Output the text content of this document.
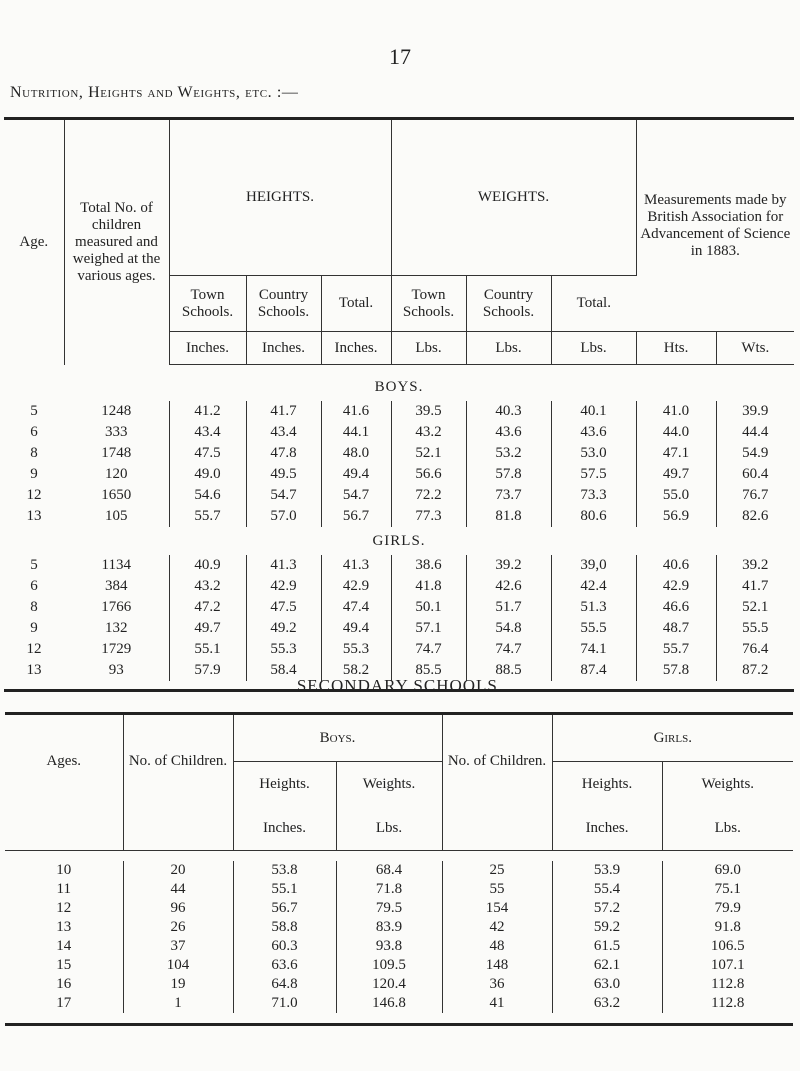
17
Nutrition, Heights and Weights, etc. :—
Age.	Total No. of children measured and weighed at the various ages.	HEIGHTS.			WEIGHTS.			Measurements made by British Association for Advancement of Science in 1883.	
		Town Schools.	Country Schools.	Total.	Town Schools.	Country Schools.	Total.		
		Inches.	Inches.	Inches.	Lbs.	Lbs.	Lbs.	Hts.	Wts.

BOYS.									
5	1248	41.2	41.7	41.6	39.5	40.3	40.1	41.0	39.9
6	333	43.4	43.4	44.1	43.2	43.6	43.6	44.0	44.4
8	1748	47.5	47.8	48.0	52.1	53.2	53.0	47.1	54.9
9	120	49.0	49.5	49.4	56.6	57.8	57.5	49.7	60.4
12	1650	54.6	54.7	54.7	72.2	73.7	73.3	55.0	76.7
13	105	55.7	57.0	56.7	77.3	81.8	80.6	56.9	82.6
GIRLS.									
5	1134	40.9	41.3	41.3	38.6	39.2	39,0	40.6	39.2
6	384	43.2	42.9	42.9	41.8	42.6	42.4	42.9	41.7
8	1766	47.2	47.5	47.4	50.1	51.7	51.3	46.6	52.1
9	132	49.7	49.2	49.4	57.1	54.8	55.5	48.7	55.5
12	1729	55.1	55.3	55.3	74.7	74.7	74.1	55.7	76.4
13	93	57.9	58.4	58.2	85.5	88.5	87.4	57.8	87.2

SECONDARY SCHOOLS.
Ages.	No. of Children.	Boys.		No. of Children.	Girls.	
		Heights.	Weights.		Heights.	Weights.
		Inches.	Lbs.		Inches.	Lbs.

10	20	53.8	68.4	25	53.9	69.0
11	44	55.1	71.8	55	55.4	75.1
12	96	56.7	79.5	154	57.2	79.9
13	26	58.8	83.9	42	59.2	91.8
14	37	60.3	93.8	48	61.5	106.5
15	104	63.6	109.5	148	62.1	107.1
16	19	64.8	120.4	36	63.0	112.8
17	1	71.0	146.8	41	63.2	112.8
